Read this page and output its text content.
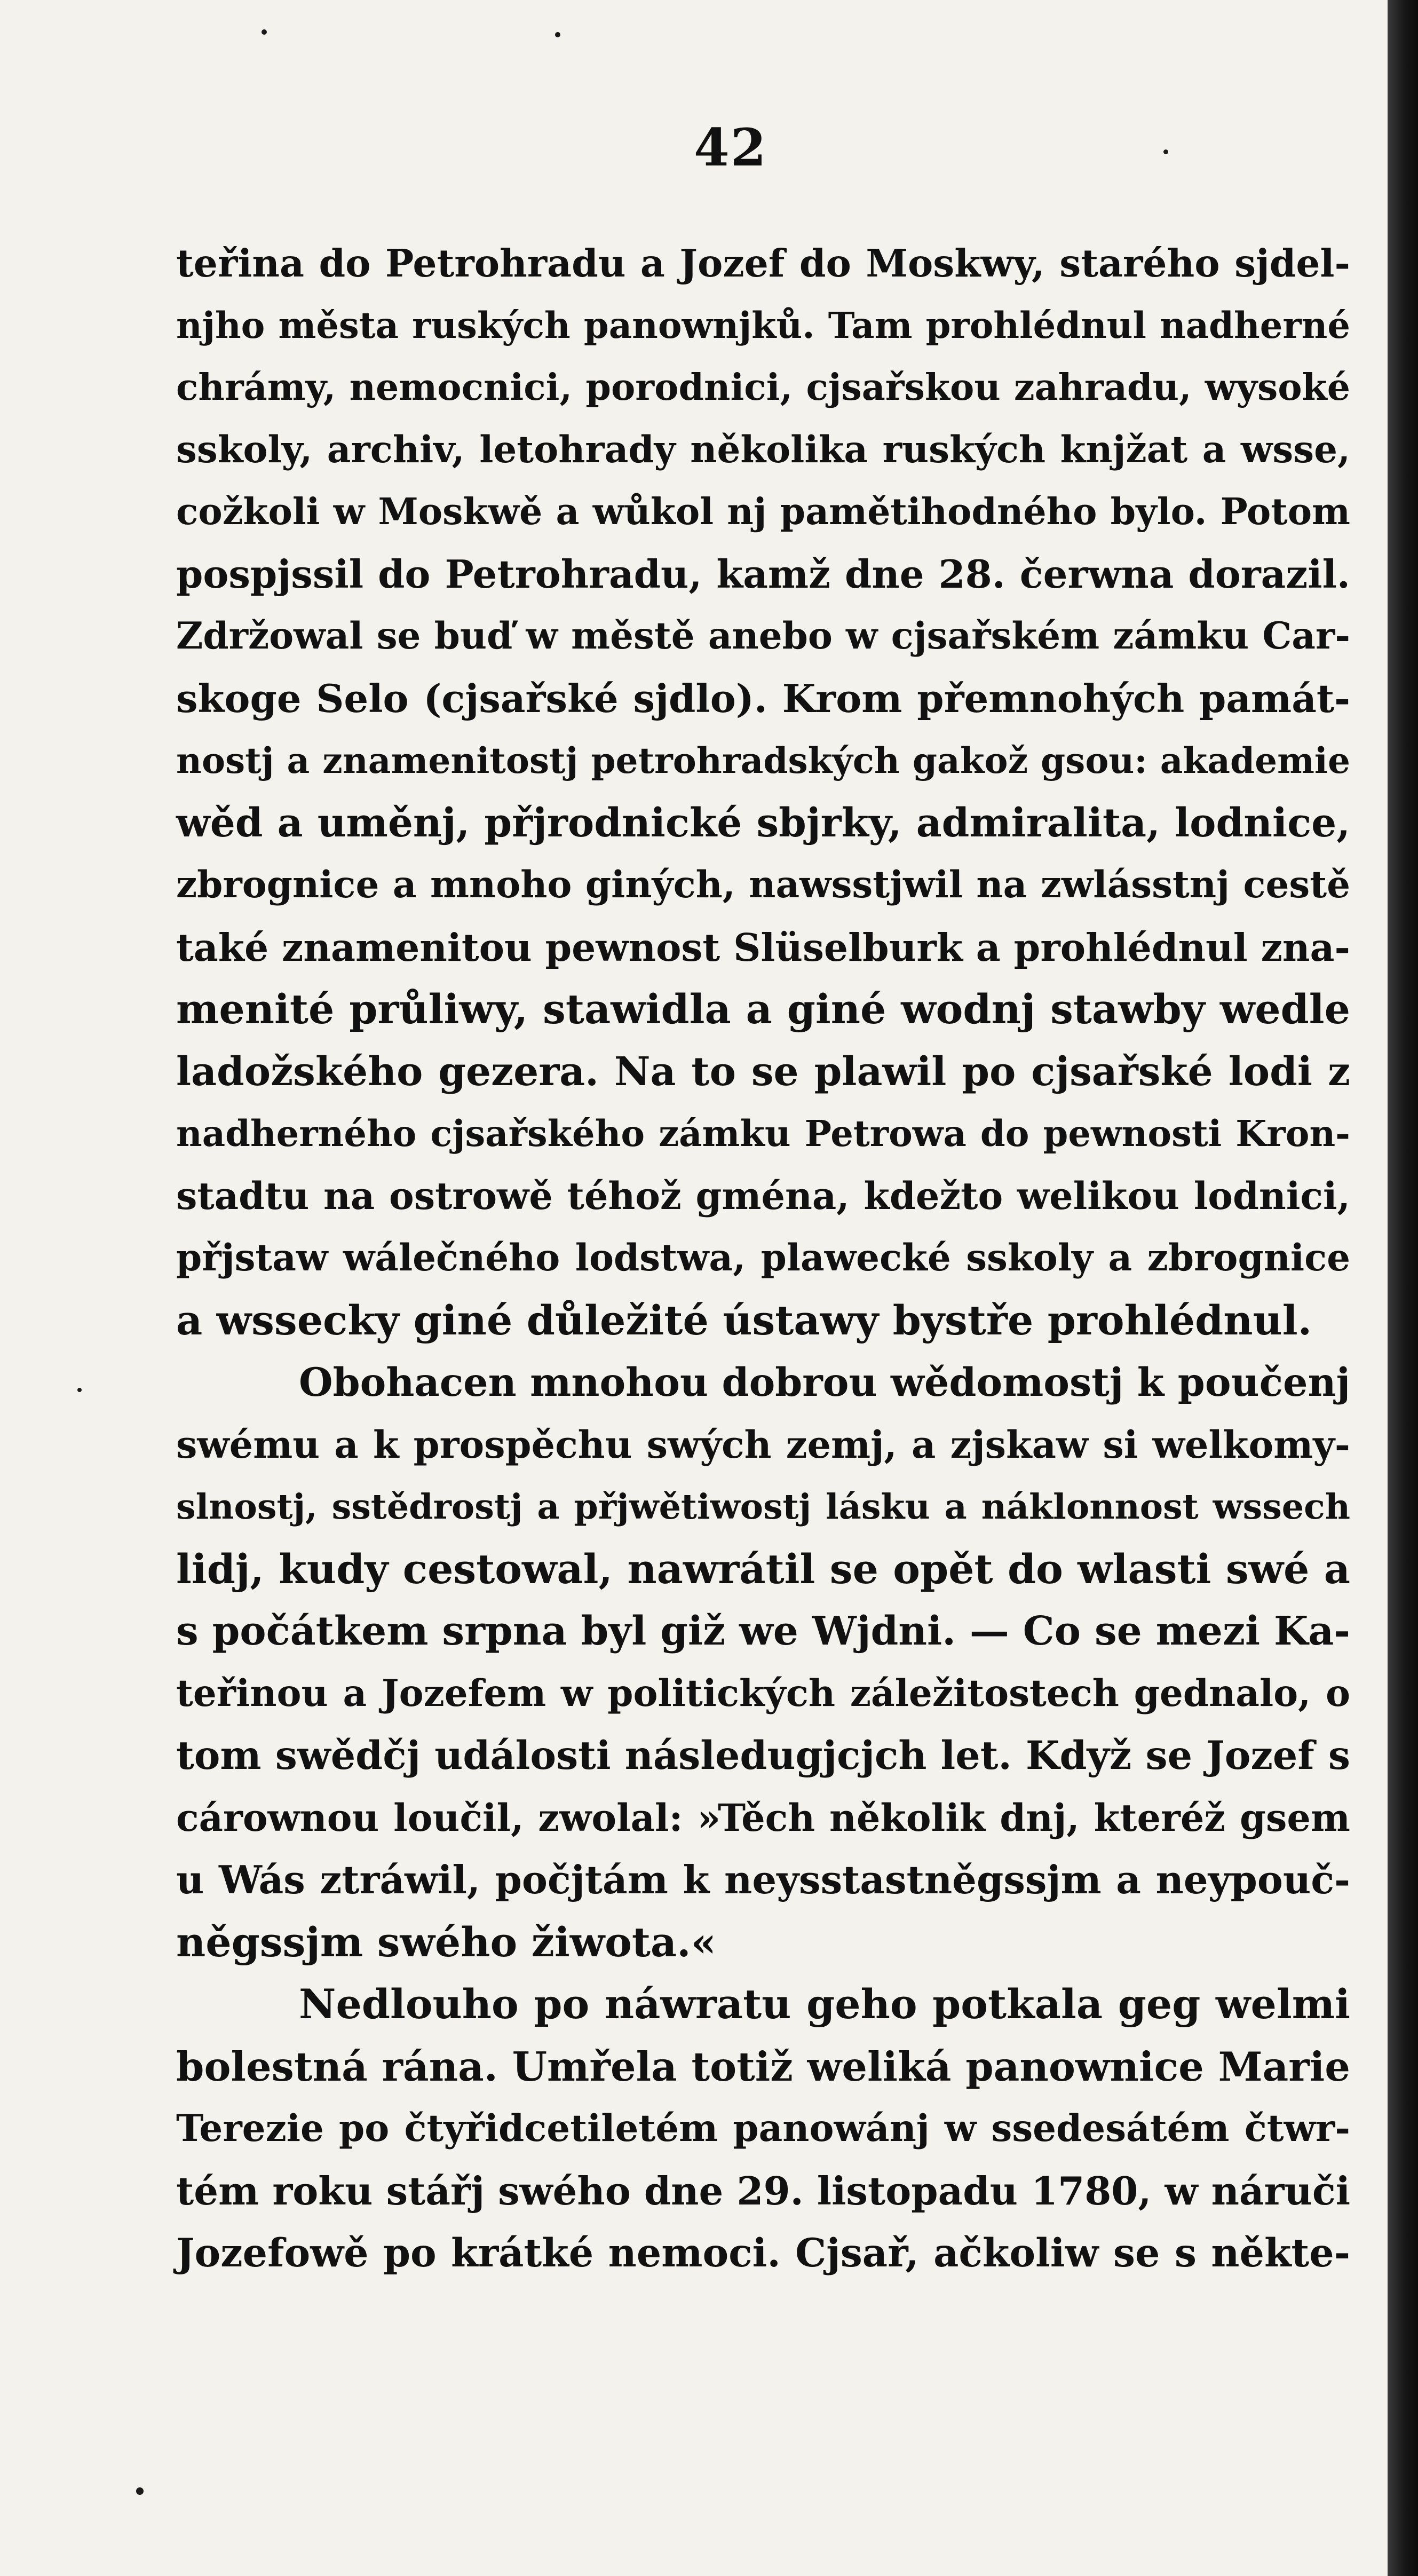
42
teřina do Petrohradu a Jozef do Moskwy, starého sjdel-
njho města ruských panownjků. Tam prohlédnul nadherné
chrámy, nemocnici, porodnici, cjsařskou zahradu, wysoké
sskoly, archiv, letohrady několika ruských knjžat a wsse,
cožkoli w Moskwě a wůkol nj pamětihodného bylo. Potom
pospjssil do Petrohradu, kamž dne 28. čerwna dorazil.
Zdržowal se buď w městě anebo w cjsařském zámku Car-
skoge Selo (cjsařské sjdlo). Krom přemnohých památ-
nostj a znamenitostj petrohradských gakož gsou: akademie
wěd a uměnj, přjrodnické sbjrky, admiralita, lodnice,
zbrognice a mnoho giných, nawsstjwil na zwlásstnj cestě
také znamenitou pewnost Slüselburk a prohlédnul zna-
menité průliwy, stawidla a giné wodnj stawby wedle
ladožského gezera. Na to se plawil po cjsařské lodi z
nadherného cjsařského zámku Petrowa do pewnosti Kron-
stadtu na ostrowě téhož gména, kdežto welikou lodnici,
přjstaw wálečného lodstwa, plawecké sskoly a zbrognice
a wssecky giné důležité ústawy bystře prohlédnul.
Obohacen mnohou dobrou wědomostj k poučenj
swému a k prospěchu swých zemj, a zjskaw si welkomy-
slnostj, sstědrostj a přjwětiwostj lásku a náklonnost wssech
lidj, kudy cestowal, nawrátil se opět do wlasti swé a
s počátkem srpna byl giž we Wjdni. — Co se mezi Ka-
teřinou a Jozefem w politických záležitostech gednalo, o
tom swědčj události následugjcjch let. Když se Jozef s
cárownou loučil, zwolal: »Těch několik dnj, kteréž gsem
u Wás ztráwil, počjtám k neysstastněgssjm a neypouč-
něgssjm swého žiwota.«
Nedlouho po náwratu geho potkala geg welmi
bolestná rána. Umřela totiž weliká panownice Marie
Terezie po čtyřidcetiletém panowánj w ssedesátém čtwr-
tém roku stářj swého dne 29. listopadu 1780, w náruči
Jozefowě po krátké nemoci. Cjsař, ačkoliw se s někte-
